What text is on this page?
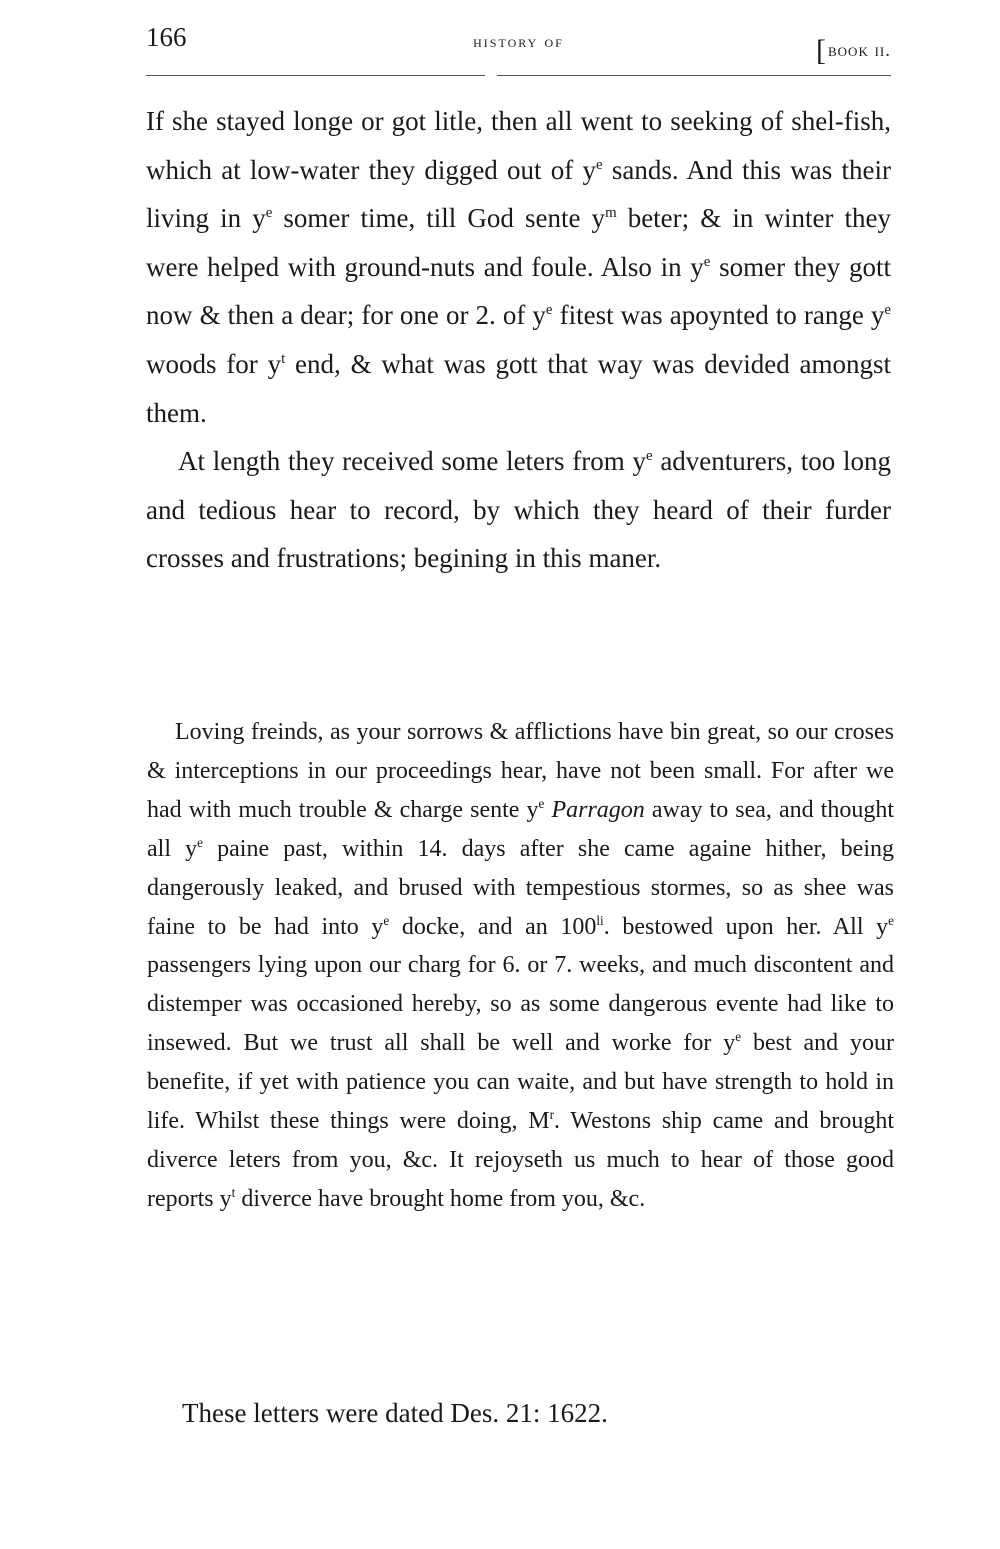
166	history of	[book ii.

If she stayed longe or got litle, then all went to seeking of shel-fish, which at low-water they digged out of $y^e$ sands. And this was their living in $y^e$ somer time, till God sente $y^m$ beter; & in winter they were helped with ground-nuts and foule. Also in $y^e$ somer they gott now & then a dear; for one or 2. of $y^e$ fitest was apoynted to range $y^e$ woods for $y^t$ end, & what was gott that way was devided amongst them.

At length they received some leters from $y^e$ adventurers, too long and tedious hear to record, by which they heard of their furder crosses and frustrations; begining in this maner.

Loving freinds, as your sorrows & afflictions have bin great, so our croses & interceptions in our proceedings hear, have not been small. For after we had with much trouble & charge sente $y^e$ Parragon away to sea, and thought all $y^e$ paine past, within 14. days after she came againe hither, being dangerously leaked, and brused with tempestious stormes, so as shee was faine to be had into $y^e$ docke, and an $100^{li}$. bestowed upon her. All $y^e$ passengers lying upon our charg for 6. or 7. weeks, and much discontent and distemper was occasioned hereby, so as some dangerous evente had like to insewed. But we trust all shall be well and worke for $y^e$ best and your benefite, if yet with patience you can waite, and but have strength to hold in life. Whilst these things were doing, $M^r$. Westons ship came and brought diverce leters from you, &c. It rejoyseth us much to hear of those good reports $y^t$ diverce have brought home from you, &c.

These letters were dated Des. 21: 1622.
